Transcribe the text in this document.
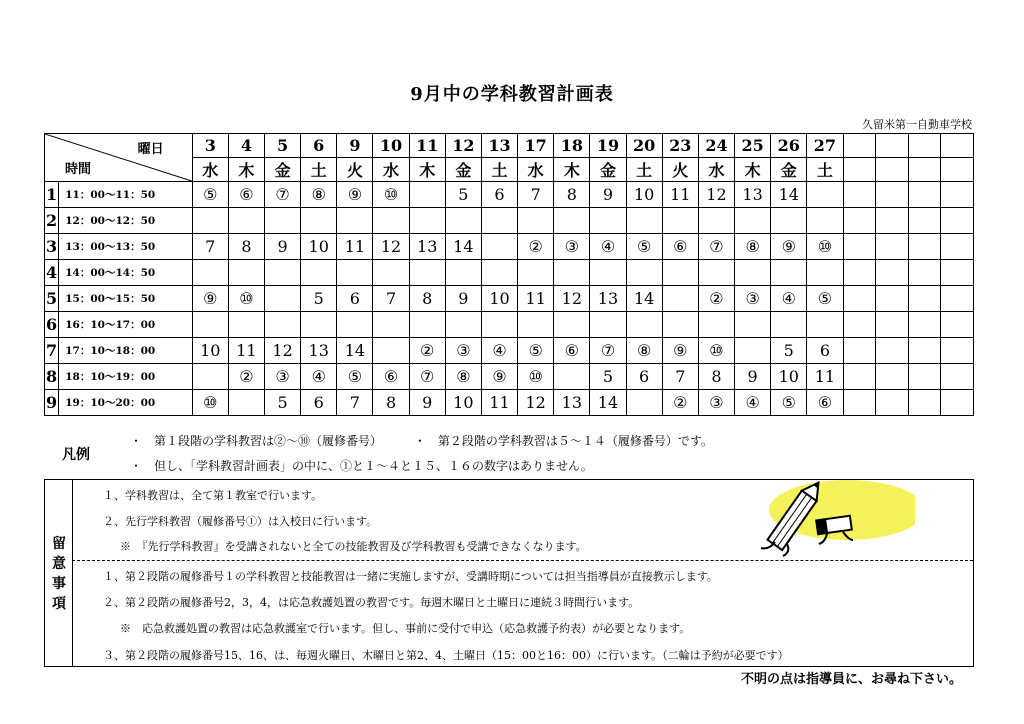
9月中の学科教習計画表
久留米第一自動車学校
曜日
時間		3	4	5	6	9	10	11	12	13	17	18	19	20	23	24	25	26	27				
		水	木	金	土	火	水	木	金	土	水	木	金	土	火	水	木	金	土				
1	11：00～11：50	⑤	⑥	⑦	⑧	⑨	⑩		5	6	7	8	9	10	11	12	13	14					
2	12：00～12：50																						
3	13：00～13：50	7	8	9	10	11	12	13	14		②	③	④	⑤	⑥	⑦	⑧	⑨	⑩				
4	14：00～14：50																						
5	15：00～15：50	⑨	⑩		5	6	7	8	9	10	11	12	13	14		②	③	④	⑤				
6	16：10～17：00																						
7	17：10～18：00	10	11	12	13	14		②	③	④	⑤	⑥	⑦	⑧	⑨	⑩		5	6				
8	18：10～19：00		②	③	④	⑤	⑥	⑦	⑧	⑨	⑩		5	6	7	8	9	10	11				
9	19：10～20：00	⑩		5	6	7	8	9	10	11	12	13	14		②	③	④	⑤	⑥				
凡例
・　第１段階の学科教習は②～⑩（履修番号）	・　第２段階の学科教習は５～１４（履修番号）です。
・　但し、「学科教習計画表」の中に、①と１～４と１５、１６の数字はありません。
留意事項
１、学科教習は、全て第１教室で行います。
２、先行学科教習（履修番号①）は入校日に行います。
※　『先行学科教習』を受講されないと全ての技能教習及び学科教習も受講できなくなります。
１、第２段階の履修番号１の学科教習と技能教習は一緒に実施しますが、受講時期については担当指導員が直接教示します。
２、第２段階の履修番号2，3，4，は応急救護処置の教習です。毎週木曜日と土曜日に連続３時間行います。
※　応急救護処置の教習は応急救護室で行います。但し、事前に受付で申込（応急救護予約表）が必要となります。
３、第２段階の履修番号15、16、は、毎週火曜日、木曜日と第2、4、土曜日（15：00と16：00）に行います。（二輪は予約が必要です）
不明の点は指導員に、お尋ね下さい。
